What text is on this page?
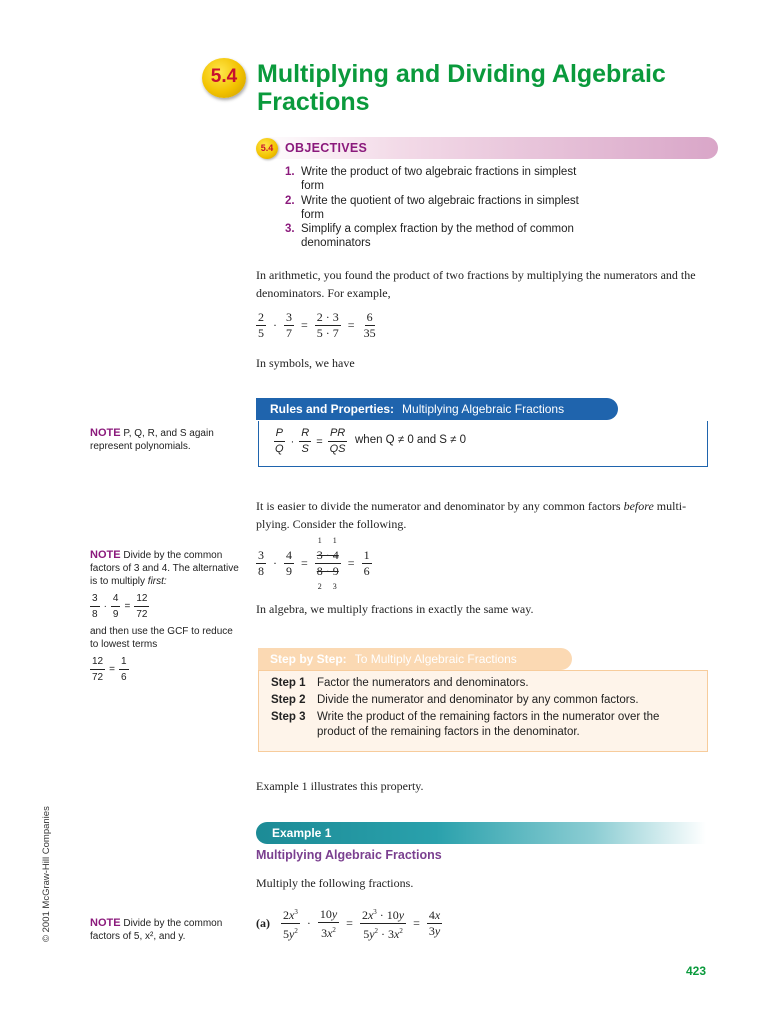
5.4 Multiplying and Dividing Algebraic Fractions
5.4 OBJECTIVES
1. Write the product of two algebraic fractions in simplest form
2. Write the quotient of two algebraic fractions in simplest form
3. Simplify a complex fraction by the method of common denominators
In arithmetic, you found the product of two fractions by multiplying the numerators and the denominators. For example,
$\frac{2}{5} \cdot \frac{3}{7} = \frac{2 \cdot 3}{5 \cdot 7} = \frac{6}{35}$
In symbols, we have
Rules and Properties: Multiplying Algebraic Fractions
$\frac{P}{Q} \cdot \frac{R}{S} = \frac{PR}{QS}$ when Q ≠ 0 and S ≠ 0
NOTE P, Q, R, and S again represent polynomials.
It is easier to divide the numerator and denominator by any common factors before multiplying. Consider the following.
$\frac{3}{8} \cdot \frac{4}{9}$ =
1 1
$\frac{3 \cdot 4}{8 \cdot 9}$
2 3
= $\frac{1}{6}$
NOTE Divide by the common factors of 3 and 4. The alternative is to multiply first:
$\frac{3}{8} \cdot \frac{4}{9} = \frac{12}{72}$
and then use the GCF to reduce to lowest terms
$\frac{12}{72} = \frac{1}{6}$
In algebra, we multiply fractions in exactly the same way.
Step by Step: To Multiply Algebraic Fractions
Step 1 Factor the numerators and denominators.
Step 2 Divide the numerator and denominator by any common factors.
Step 3 Write the product of the remaining factors in the numerator over the product of the remaining factors in the denominator.
Example 1 illustrates this property.
Example 1
Multiplying Algebraic Fractions
Multiply the following fractions.
$(a) \frac{2x^3}{5y^2} \cdot \frac{10y}{3x^2} = \frac{2x^3 \cdot 10y}{5y^2 \cdot 3x^2} = \frac{4x}{3y}$
NOTE Divide by the common factors of 5, x², and y.
© 2001 McGraw-Hill Companies
423
